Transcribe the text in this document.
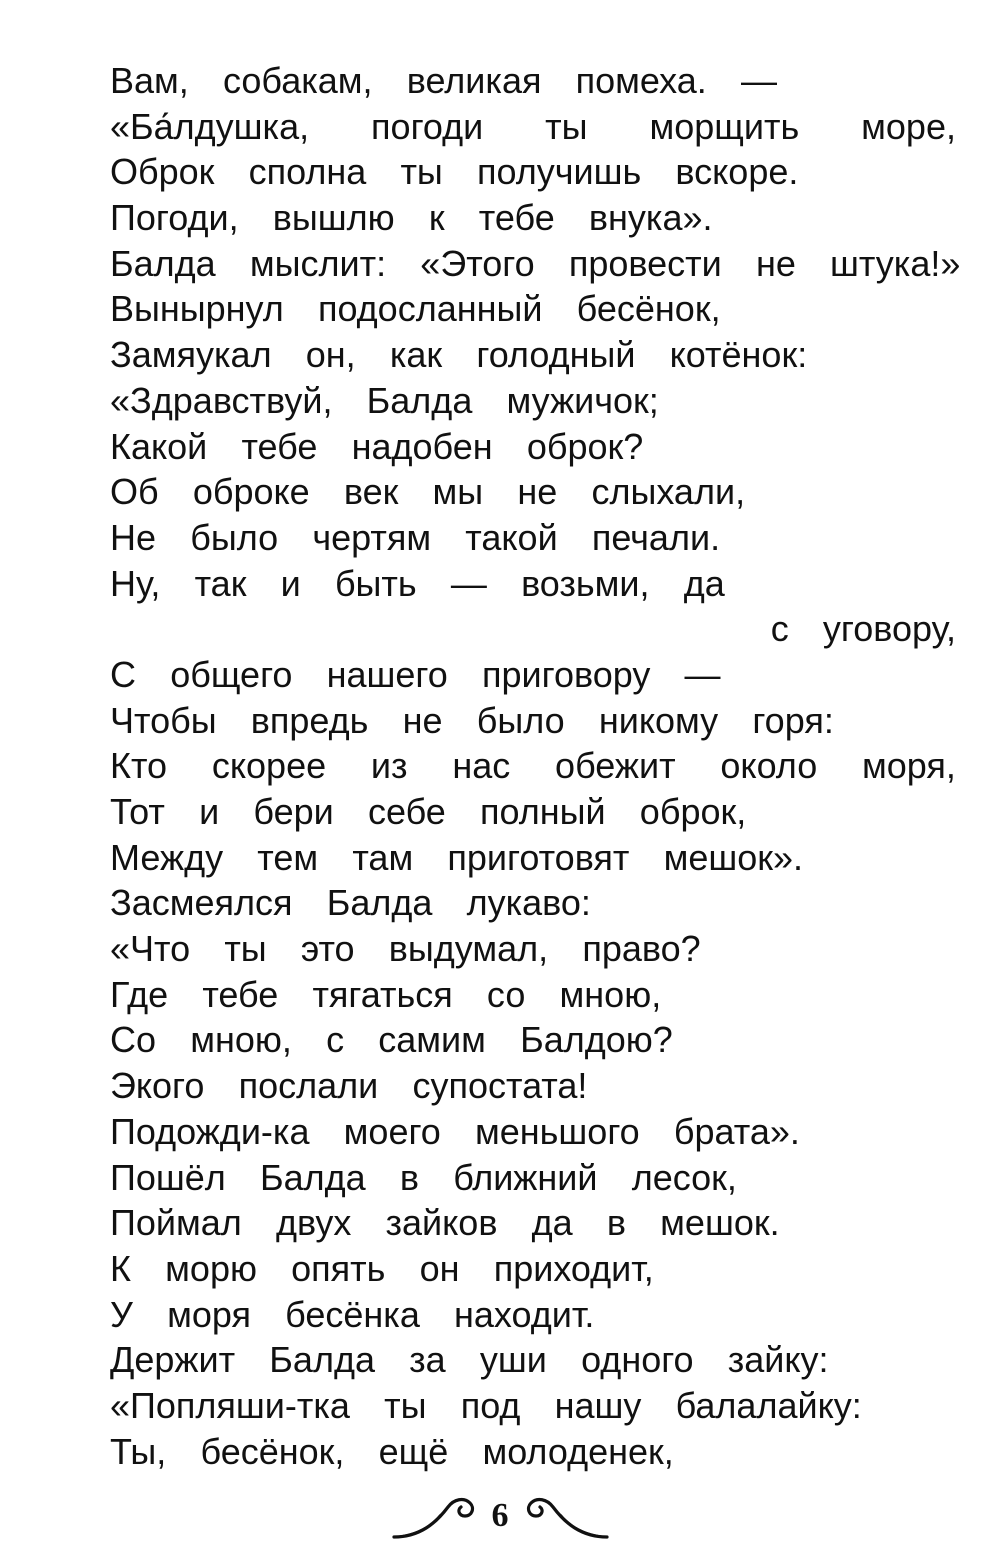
Вам, собакам, великая помеха. —
«Ба́лдушка, погоди ты морщить море,
Оброк сполна ты получишь вскоре.
Погоди, вышлю к тебе внука».
Балда мыслит: «Этого провести не штука!»
Вынырнул подосланный бесёнок,
Замяукал он, как голодный котёнок:
«Здравствуй, Балда мужичок;
Какой тебе надобен оброк?
Об оброке век мы не слыхали,
Не было чертям такой печали.
Ну, так и быть — возьми, да
с уговору,
С общего нашего приговору —
Чтобы впредь не было никому горя:
Кто скорее из нас обежит около моря,
Тот и бери себе полный оброк,
Между тем там приготовят мешок».
Засмеялся Балда лукаво:
«Что ты это выдумал, право?
Где тебе тягаться со мною,
Со мною, с самим Балдою?
Экого послали супостата!
Подожди-ка моего меньшого брата».
Пошёл Балда в ближний лесок,
Поймал двух зайков да в мешок.
К морю опять он приходит,
У моря бесёнка находит.
Держит Балда за уши одного зайку:
«Попляши-тка ты под нашу балалайку:
Ты, бесёнок, ещё молоденек,
6
